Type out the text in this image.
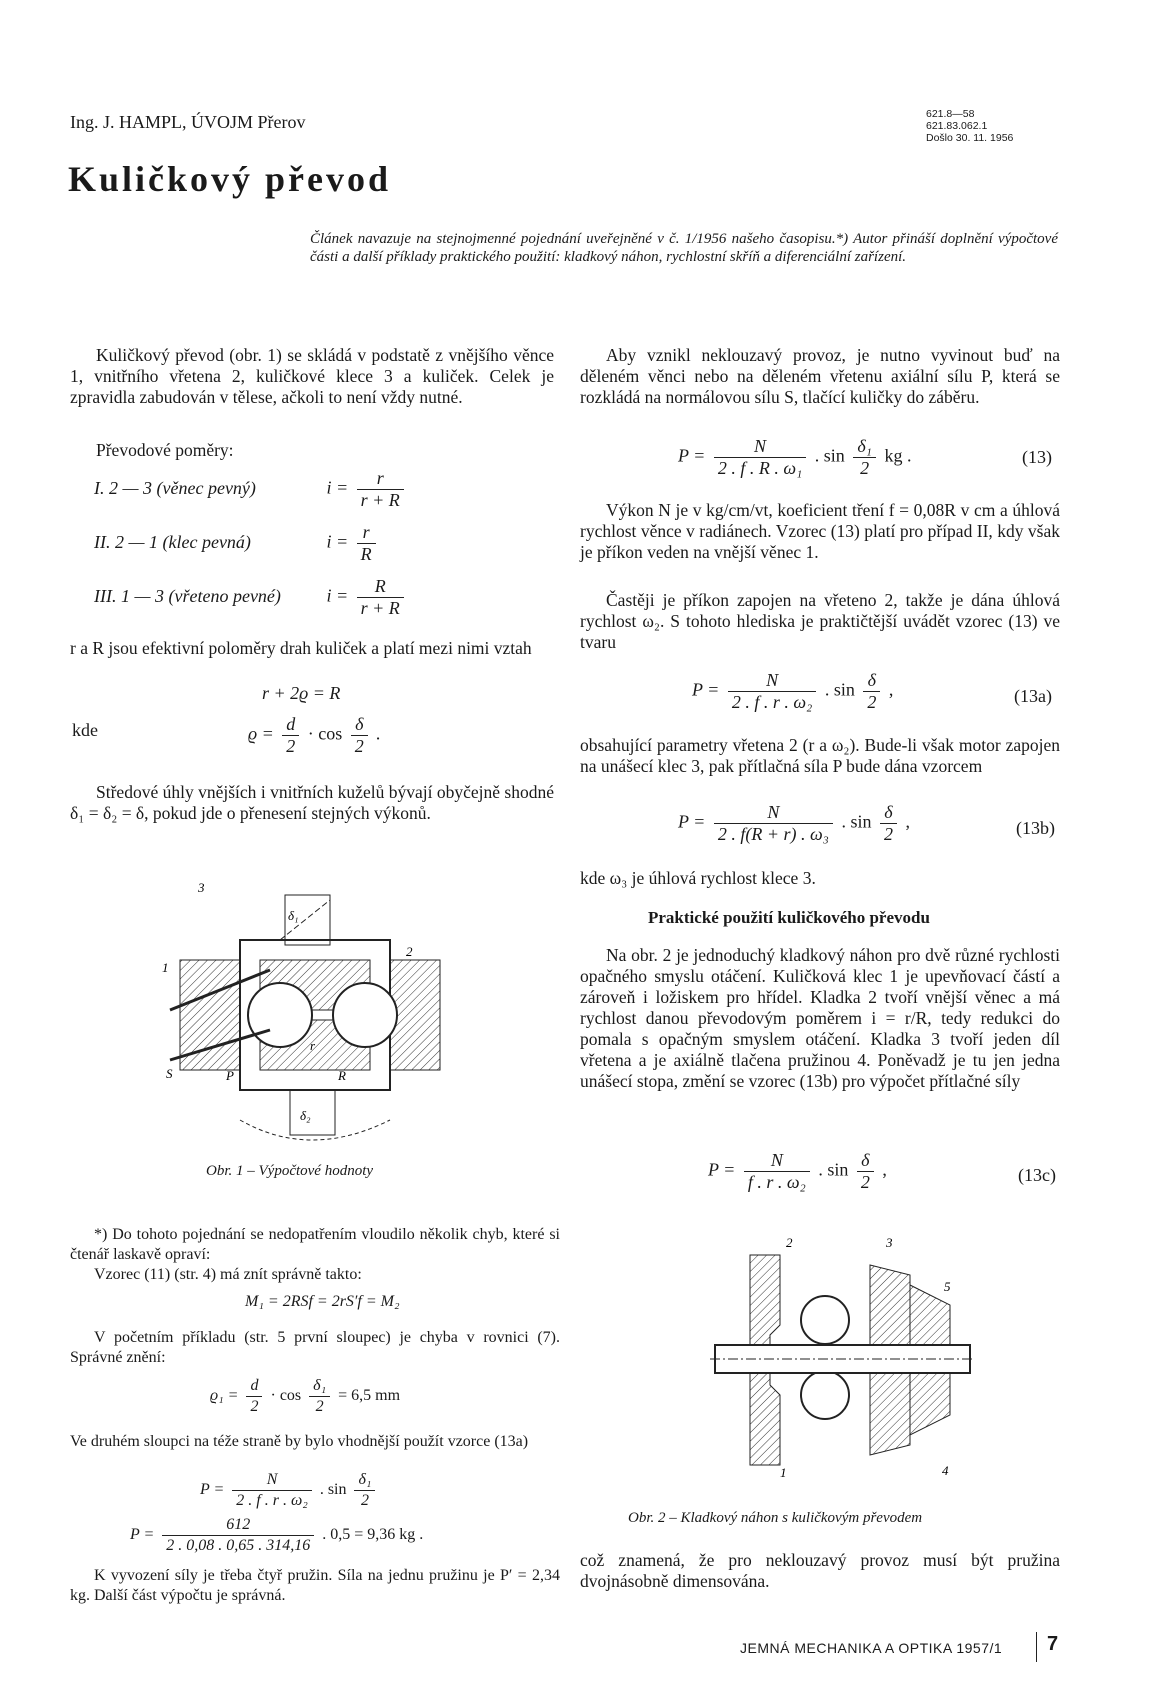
Ing. J. HAMPL, ÚVOJM Přerov	621.8—58
621.83.062.1
Došlo 30. 11. 1956
Kuličkový převod
Článek navazuje na stejnojmenné pojednání uveřejněné v č. 1/1956 našeho časopisu.*) Autor přináší doplnění výpočtové části a další příklady praktického použití: kladkový náhon, rychlostní skříň a diferenciální zařízení.

Kuličkový převod (obr. 1) se skládá v podstatě z vnějšího věnce 1, vnitřního vřetena 2, kuličkové klece 3 a kuliček. Celek je zpravidla zabudován v tělese, ačkoli to není vždy nutné.

Převodové poměry:

I. 2 — 3 (věnec pevný)	$i = \frac{r}{r + R}$
II. 2 — 1 (klec pevná)	$i = \frac{r}{R}$
III. 1 — 3 (vřeteno pevné)	$i = \frac{R}{r + R}$

r a R jsou efektivní poloměry drah kuliček a platí mezi nimi vztah

r + 2ϱ = R
kde	$ϱ = \frac{d}{2} \cdot \cos \frac{\delta}{2}$ .

Středové úhly vnějších i vnitřních kuželů bývají obyčejně shodné δ₁ = δ₂ = δ, pokud jde o přenesení stejných výkonů.

3
2
1
S	P	R
r
δ₁
δ₂
Obr. 1 – Výpočtové hodnoty

*) Do tohoto pojednání se nedopatřením vloudilo několik chyb, které si čtenář laskavě opraví:

Vzorec (11) (str. 4) má znít správně takto:

M₁ = 2RSf = 2rS′f = M₂

V početním příkladu (str. 5 první sloupec) je chyba v rovnici (7). Správné znění:

$ϱ_1 = \frac{d}{2} \cdot \cos \frac{\text{δ₁}}{2} = 6,5$ mm

Ve druhém sloupci na téže straně by bylo vhodnější použít vzorce (13a)

$P = \frac{N}{\text{2 . f . r . ω₂}}$ . $\sin \frac{\text{δ₁}}{2}$
$P = \frac{612}{2 . 0,08 . 0,65 . 314,16}$ . 0,5 = 9,36 kg .

K vyvození síly je třeba čtyř pružin. Síla na jednu pružinu je P′ = 2,34 kg. Další část výpočtu je správná.

Aby vznikl neklouzavý provoz, je nutno vyvinout buď na děleném věnci nebo na děleném vřetenu axiální sílu P, která se rozkládá na normálovou sílu S, tlačící kuličky do záběru.

$P = \frac{N}{\text{2 . f . R . ω₁}}$ . $\sin \frac{\text{δ₁}}{2}$ kg .	(13)

Výkon N je v kg/cm/vt, koeficient tření f = 0,08R v cm a úhlová rychlost věnce v radiánech. Vzorec (13) platí pro případ II, kdy však je příkon veden na vnější věnec 1.

Častěji je příkon zapojen na vřeteno 2, takže je dána úhlová rychlost ω₂. S tohoto hlediska je praktičtější uvádět vzorec (13) ve tvaru

$P = \frac{N}{\text{2 . f . r . ω₂}}$ . $\sin \frac{\delta}{2}$ ,	(13a)

obsahující parametry vřetena 2 (r a ω₂). Bude-li však motor zapojen na unášecí klec 3, pak přítlačná síla P bude dána vzorcem

$P = \frac{N}{\text{2 . f(R + r) . ω₃}}$ . $\sin \frac{\delta}{2}$ ,	(13b)

kde ω₃ je úhlová rychlost klece 3.

Praktické použití kuličkového převodu

Na obr. 2 je jednoduchý kladkový náhon pro dvě různé rychlosti opačného smyslu otáčení. Kuličková klec 1 je upevňovací částí a zároveň i ložiskem pro hřídel. Kladka 2 tvoří vnější věnec a má rychlost danou převodovým poměrem i = r/R, tedy redukci do pomala s opačným smyslem otáčení. Kladka 3 tvoří jeden díl vřetena a je axiálně tlačena pružinou 4. Poněvadž je tu jen jedna unášecí stopa, změní se vzorec (13b) pro výpočet přítlačné síly

$P = \frac{N}{\text{f . r . ω₂}}$ . $\sin \frac{\delta}{2}$ ,	(13c)
2	3
5
1	4
Obr. 2 – Kladkový náhon s kuličkovým převodem

což znamená, že pro neklouzavý provoz musí být pružina dvojnásobně dimensována.

JEMNÁ MECHANIKA A OPTIKA 1957/1 7
